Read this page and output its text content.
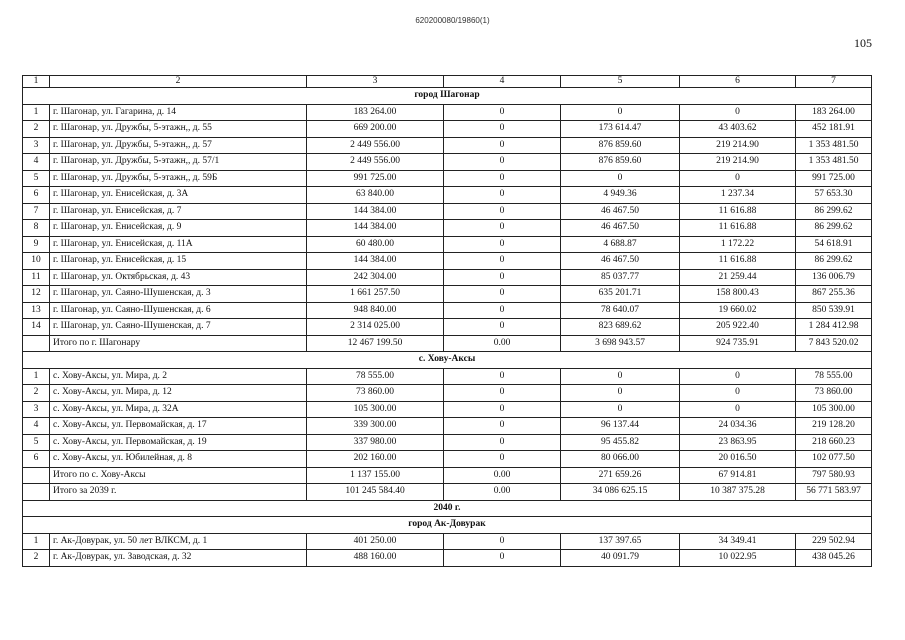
620200080/19860(1)
105
1	2	3	4	5	6	7
город Шагонар						
1	г. Шагонар, ул. Гагарина, д. 14	183 264.00	0	0	0	183 264.00
2	г. Шагонар, ул. Дружбы, 5-этажн,, д. 55	669 200.00	0	173 614.47	43 403.62	452 181.91
3	г. Шагонар, ул. Дружбы, 5-этажн,, д. 57	2 449 556.00	0	876 859.60	219 214.90	1 353 481.50
4	г. Шагонар, ул. Дружбы, 5-этажн,, д. 57/1	2 449 556.00	0	876 859.60	219 214.90	1 353 481.50
5	г. Шагонар, ул. Дружбы, 5-этажн,, д. 59Б	991 725.00	0	0	0	991 725.00
6	г. Шагонар, ул. Енисейская, д. 3А	63 840.00	0	4 949.36	1 237.34	57 653.30
7	г. Шагонар, ул. Енисейская, д. 7	144 384.00	0	46 467.50	11 616.88	86 299.62
8	г. Шагонар, ул. Енисейская, д. 9	144 384.00	0	46 467.50	11 616.88	86 299.62
9	г. Шагонар, ул. Енисейская, д. 11А	60 480.00	0	4 688.87	1 172.22	54 618.91
10	г. Шагонар, ул. Енисейская, д. 15	144 384.00	0	46 467.50	11 616.88	86 299.62
11	г. Шагонар, ул. Октябрьская, д. 43	242 304.00	0	85 037.77	21 259.44	136 006.79
12	г. Шагонар, ул. Саяно-Шушенская, д. 3	1 661 257.50	0	635 201.71	158 800.43	867 255.36
13	г. Шагонар, ул. Саяно-Шушенская, д. 6	948 840.00	0	78 640.07	19 660.02	850 539.91
14	г. Шагонар, ул. Саяно-Шушенская, д. 7	2 314 025.00	0	823 689.62	205 922.40	1 284 412.98
	Итого по г. Шагонару	12 467 199.50	0.00	3 698 943.57	924 735.91	7 843 520.02
с. Хову-Аксы						
1	с. Хову-Аксы, ул. Мира, д. 2	78 555.00	0	0	0	78 555.00
2	с. Хову-Аксы, ул. Мира, д. 12	73 860.00	0	0	0	73 860.00
3	с. Хову-Аксы, ул. Мира, д. 32А	105 300.00	0	0	0	105 300.00
4	с. Хову-Аксы, ул. Первомайская, д. 17	339 300.00	0	96 137.44	24 034.36	219 128.20
5	с. Хову-Аксы, ул. Первомайская, д. 19	337 980.00	0	95 455.82	23 863.95	218 660.23
6	с. Хову-Аксы, ул. Юбилейная, д. 8	202 160.00	0	80 066.00	20 016.50	102 077.50
	Итого по с. Хову-Аксы	1 137 155.00	0.00	271 659.26	67 914.81	797 580.93
	Итого за 2039 г.	101 245 584.40	0.00	34 086 625.15	10 387 375.28	56 771 583.97
2040 г.						
город Ак-Довурак						
1	г. Ак-Довурак, ул. 50 лет ВЛКСМ, д. 1	401 250.00	0	137 397.65	34 349.41	229 502.94
2	г. Ак-Довурак, ул. Заводская, д. 32	488 160.00	0	40 091.79	10 022.95	438 045.26
